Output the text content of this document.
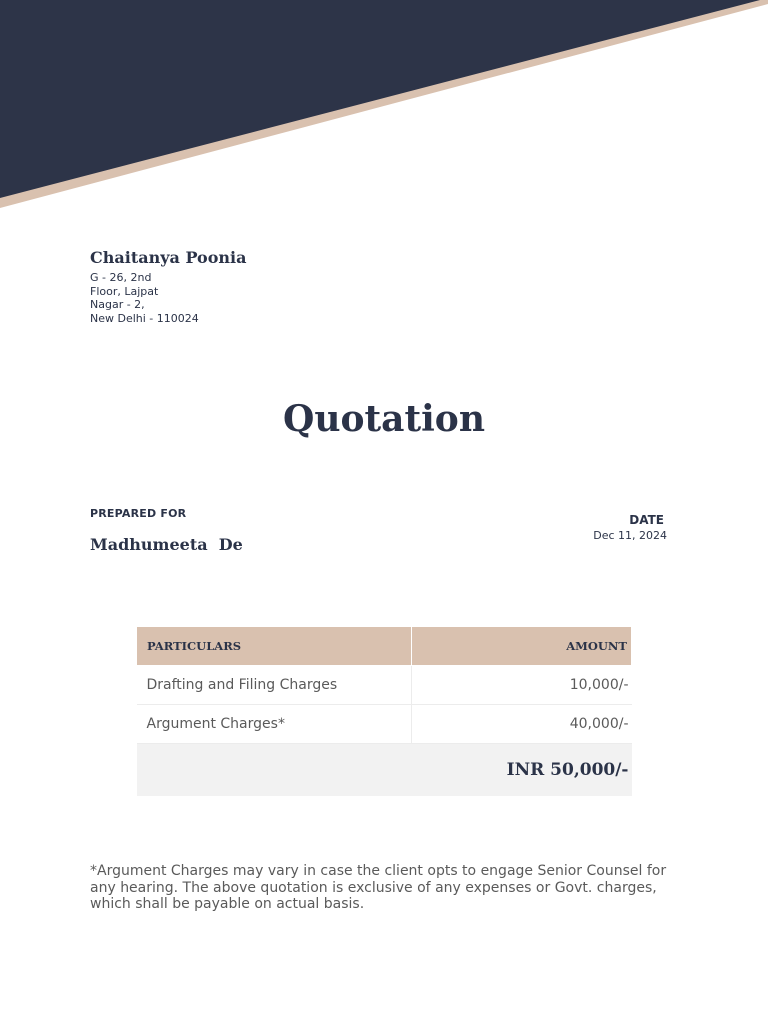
Chaitanya Poonia
G - 26, 2nd
Floor, Lajpat
Nagar - 2,
New Delhi - 110024
Quotation
PREPARED FOR
Madhumeeta  De
DATE
Dec 11, 2024
PARTICULARS	AMOUNT
Drafting and Filing Charges	10,000/-
Argument Charges*	40,000/-
INR 50,000/-	
*Argument Charges may vary in case the client opts to engage Senior Counsel for any hearing. The above quotation is exclusive of any expenses or Govt. charges, which shall be payable on actual basis.
